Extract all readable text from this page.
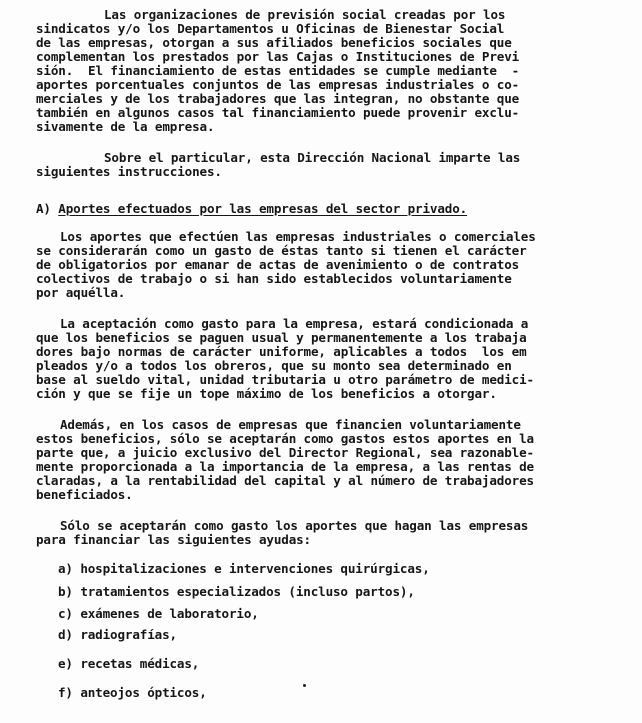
Las organizaciones de previsión social creadas por los
sindicatos y/o los Departamentos u Oficinas de Bienestar Social
de las empresas, otorgan a sus afiliados beneficios sociales que
complementan los prestados por las Cajas o Instituciones de Previ
sión.  El financiamiento de estas entidades se cumple mediante  -
aportes porcentuales conjuntos de las empresas industriales o co-
merciales y de los trabajadores que las integran, no obstante que
también en algunos casos tal financiamiento puede provenir exclu-
sivamente de la empresa.
Sobre el particular, esta Dirección Nacional imparte las
siguientes instrucciones.
A) Aportes efectuados por las empresas del sector privado.
Los aportes que efectúen las empresas industriales o comerciales
se considerarán como un gasto de éstas tanto si tienen el carácter
de obligatorios por emanar de actas de avenimiento o de contratos
colectivos de trabajo o si han sido establecidos voluntariamente
por aquélla.
La aceptación como gasto para la empresa, estará condicionada a
que los beneficios se paguen usual y permanentemente a los trabaja
dores bajo normas de carácter uniforme, aplicables a todos  los em
pleados y/o a todos los obreros, que su monto sea determinado en
base al sueldo vital, unidad tributaria u otro parámetro de medici-
ción y que se fije un tope máximo de los beneficios a otorgar.
Además, en los casos de empresas que financien voluntariamente
estos beneficios, sólo se aceptarán como gastos estos aportes en la
parte que, a juicio exclusivo del Director Regional, sea razonable-
mente proporcionada a la importancia de la empresa, a las rentas de
claradas, a la rentabilidad del capital y al número de trabajadores
beneficiados.
Sólo se aceptarán como gasto los aportes que hagan las empresas
para financiar las siguientes ayudas:
a) hospitalizaciones e intervenciones quirúrgicas,
b) tratamientos especializados (incluso partos),
c) exámenes de laboratorio,
d) radiografías,
e) recetas médicas,
f) anteojos ópticos,
